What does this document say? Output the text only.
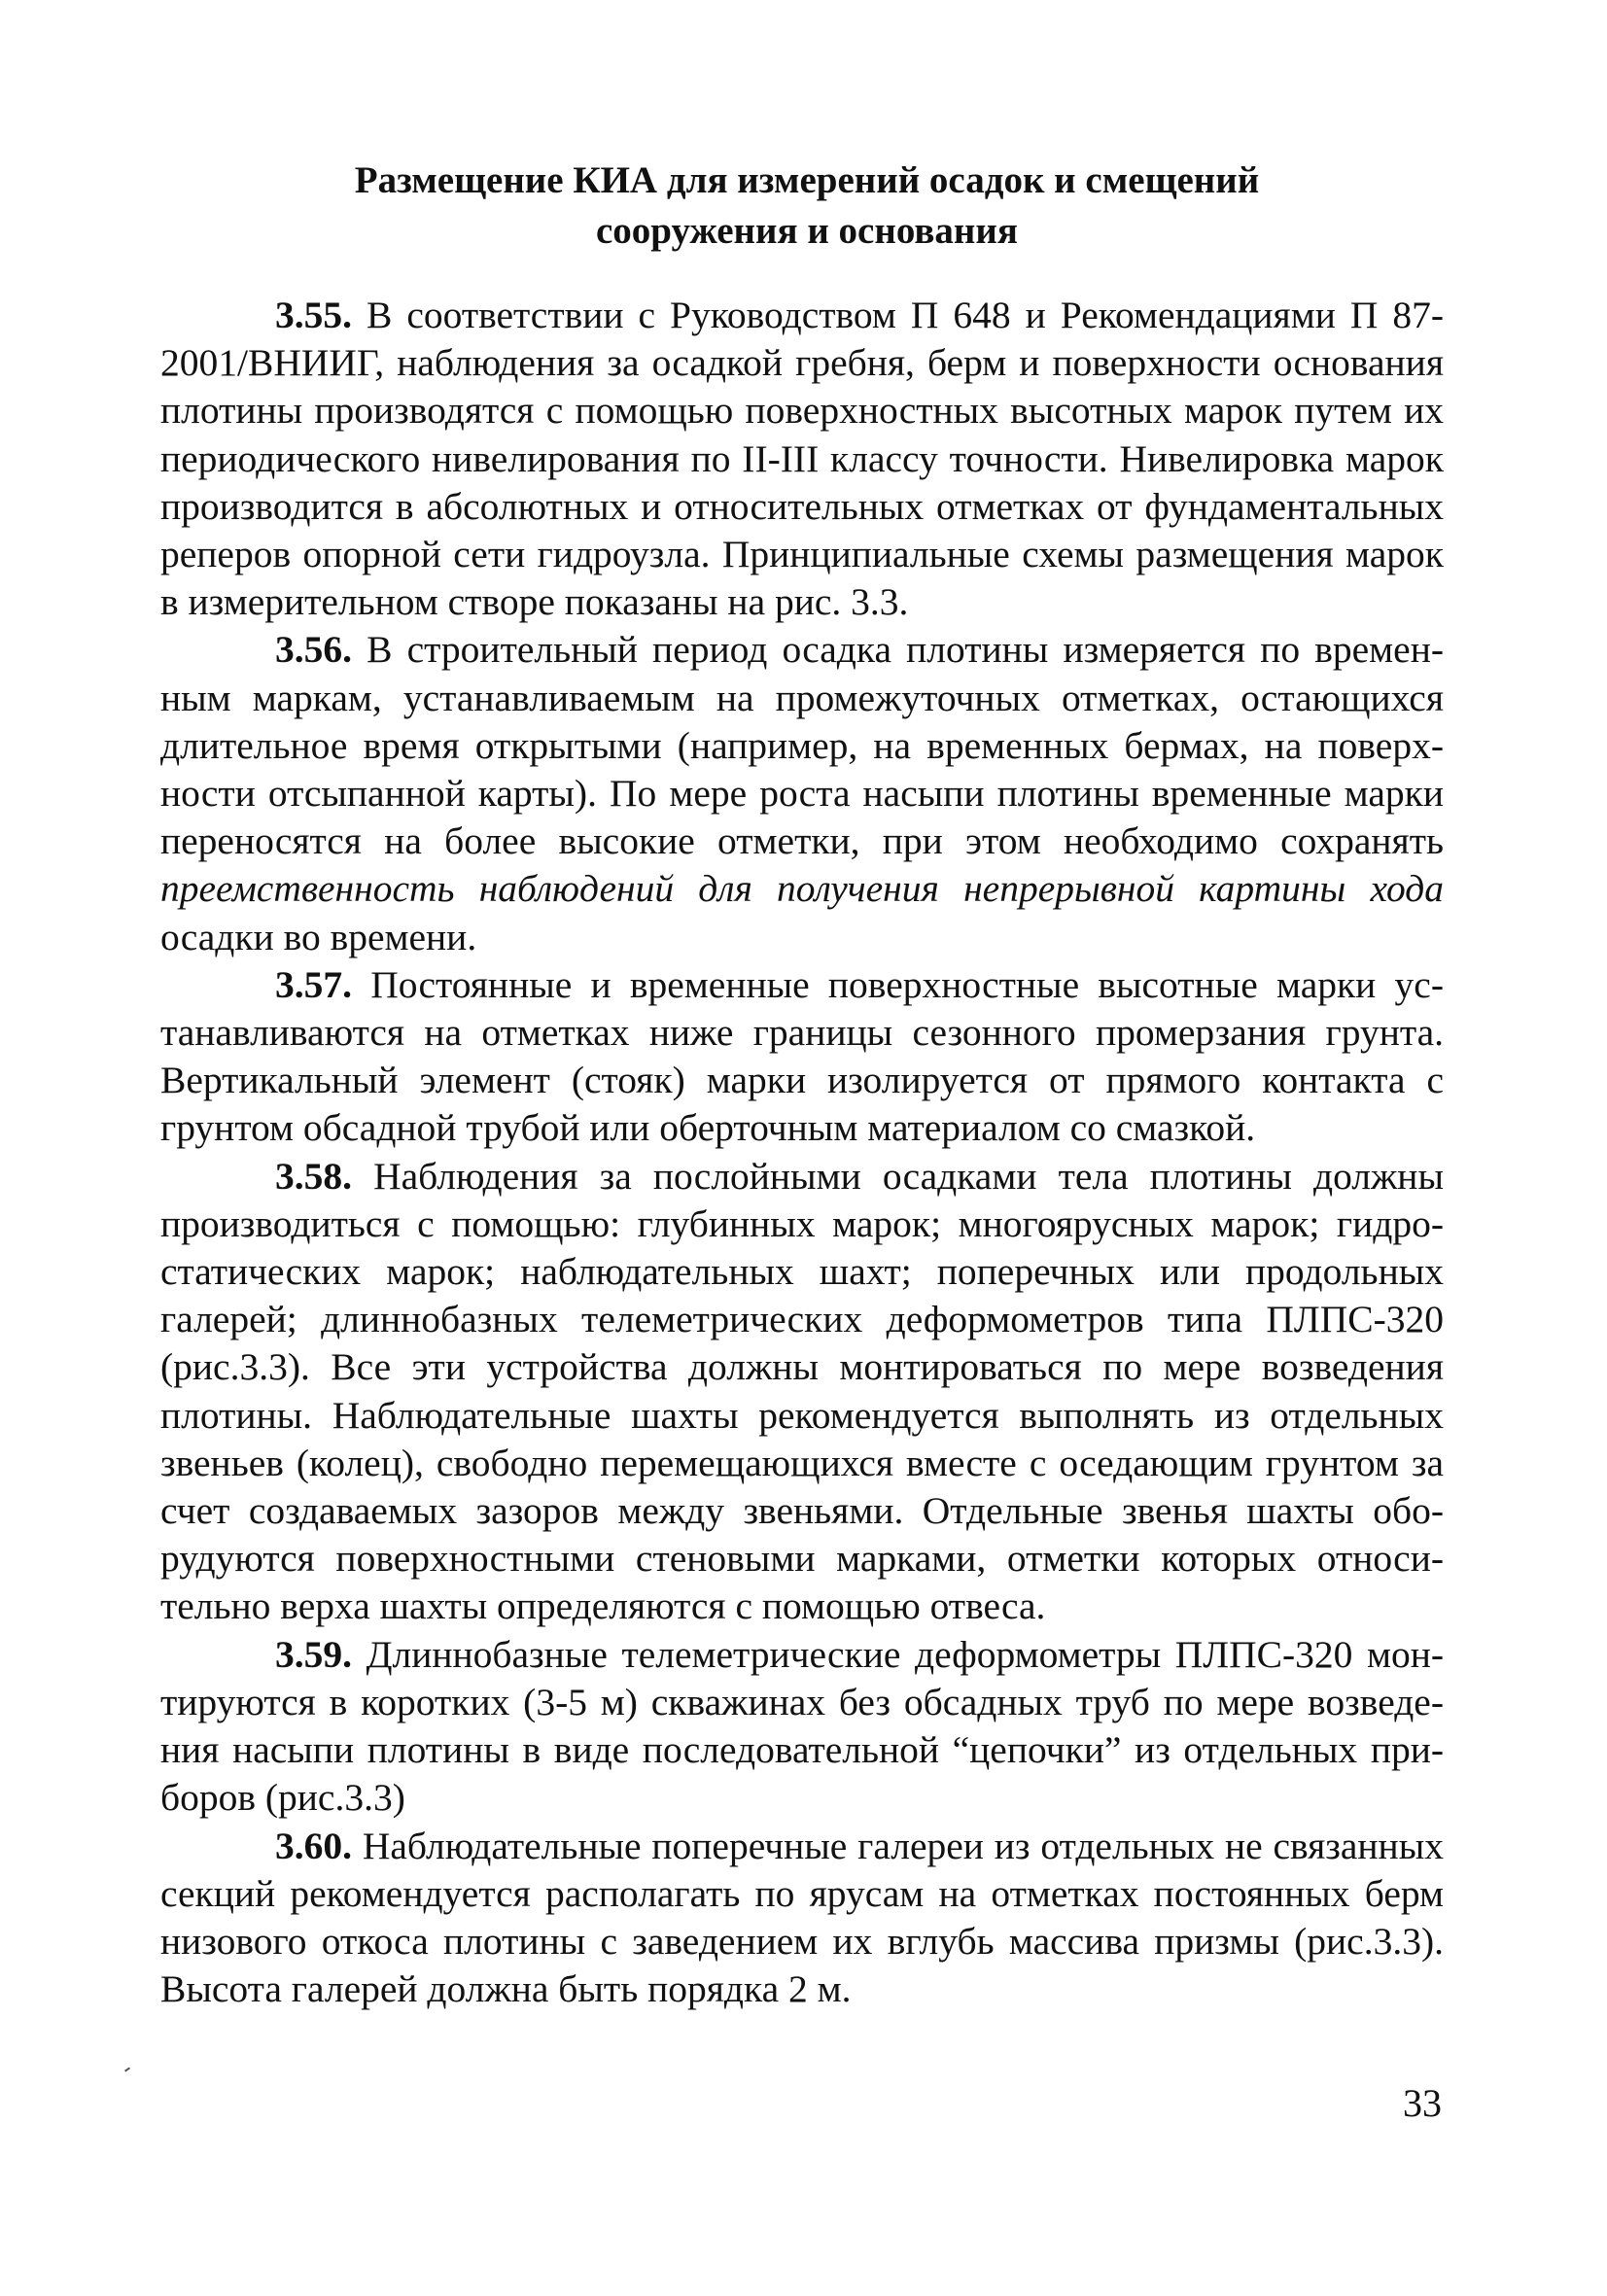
Размещение КИА для измерений осадок и смещений
сооружения и основания

3.55. В соответствии с Руководством П 648 и Рекомендациями П 87-2001/ВНИИГ, наблюдения за осадкой гребня, берм и поверхности основания плотины производятся с помощью поверхностных высотных марок путем их периодического нивелирования по II-III классу точности. Нивелировка марок производится в абсолютных и относительных отметках от фундаментальных реперов опорной сети гидроузла. Принципиальные схемы размещения марок в измерительном створе показаны на рис. 3.3.

3.56. В строительный период осадка плотины измеряется по временным маркам, устанавливаемым на промежуточных отметках, остающихся длительное время открытыми (например, на временных бермах, на поверхности отсыпанной карты). По мере роста насыпи плотины временные марки переносятся на более высокие отметки, при этом необходимо сохранять преемственность наблюдений для получения непрерывной картины хода осадки во времени.

3.57. Постоянные и временные поверхностные высотные марки устанавливаются на отметках ниже границы сезонного промерзания грунта. Вертикальный элемент (стояк) марки изолируется от прямого контакта с грунтом обсадной трубой или оберточным материалом со смазкой.

3.58. Наблюдения за послойными осадками тела плотины должны производиться с помощью: глубинных марок; многоярусных марок; гидростатических марок; наблюдательных шахт; поперечных или продольных галерей; длиннобазных телеметрических деформометров типа ПЛПС-320 (рис.3.3). Все эти устройства должны монтироваться по мере возведения плотины. Наблюдательные шахты рекомендуется выполнять из отдельных звеньев (колец), свободно перемещающихся вместе с оседающим грунтом за счет создаваемых зазоров между звеньями. Отдельные звенья шахты оборудуются поверхностными стеновыми марками, отметки которых относительно верха шахты определяются с помощью отвеса.

3.59. Длиннобазные телеметрические деформометры ПЛПС-320 монтируются в коротких (3-5 м) скважинах без обсадных труб по мере возведения насыпи плотины в виде последовательной “цепочки” из отдельных приборов (рис.3.3)

3.60. Наблюдательные поперечные галереи из отдельных не связанных секций рекомендуется располагать по ярусам на отметках постоянных берм низового откоса плотины с заведением их вглубь массива призмы (рис.3.3). Высота галерей должна быть порядка 2 м.

33
